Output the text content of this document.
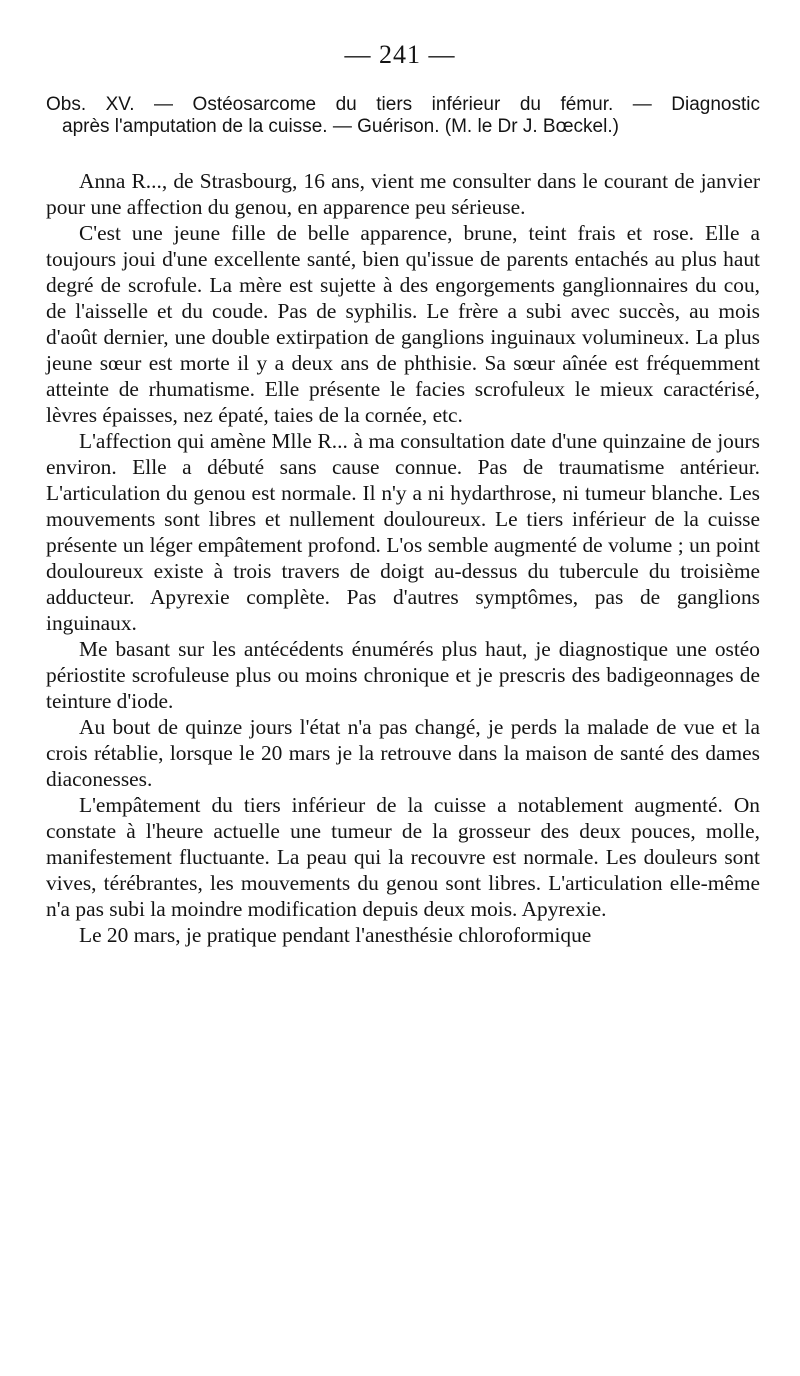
— 241 —
Obs. XV. — Ostéosarcome du tiers inférieur du fémur. — Diagnostic
après l'amputation de la cuisse. — Guérison. (M. le Dr J. Bœckel.)

Anna R..., de Strasbourg, 16 ans, vient me consulter dans le courant de janvier pour une affection du genou, en apparence peu sérieuse.

C'est une jeune fille de belle apparence, brune, teint frais et rose. Elle a toujours joui d'une excellente santé, bien qu'issue de parents entachés au plus haut degré de scrofule. La mère est sujette à des engorgements ganglionnaires du cou, de l'aisselle et du coude. Pas de syphilis. Le frère a subi avec succès, au mois d'août dernier, une double extirpation de ganglions inguinaux volumineux. La plus jeune sœur est morte il y a deux ans de phthisie. Sa sœur aînée est fréquemment atteinte de rhumatisme. Elle présente le facies scrofuleux le mieux caractérisé, lèvres épaisses, nez épaté, taies de la cornée, etc.

L'affection qui amène Mlle R... à ma consultation date d'une quinzaine de jours environ. Elle a débuté sans cause connue. Pas de traumatisme antérieur. L'articulation du genou est normale. Il n'y a ni hydarthrose, ni tumeur blanche. Les mouvements sont libres et nullement douloureux. Le tiers inférieur de la cuisse présente un léger empâtement profond. L'os semble augmenté de volume ; un point douloureux existe à trois travers de doigt au-dessus du tubercule du troisième adducteur. Apyrexie complète. Pas d'autres symptômes, pas de ganglions inguinaux.

Me basant sur les antécédents énumérés plus haut, je diagnostique une ostéo périostite scrofuleuse plus ou moins chronique et je prescris des badigeonnages de teinture d'iode.

Au bout de quinze jours l'état n'a pas changé, je perds la malade de vue et la crois rétablie, lorsque le 20 mars je la retrouve dans la maison de santé des dames diaconesses.

L'empâtement du tiers inférieur de la cuisse a notablement augmenté. On constate à l'heure actuelle une tumeur de la grosseur des deux pouces, molle, manifestement fluctuante. La peau qui la recouvre est normale. Les douleurs sont vives, térébrantes, les mouvements du genou sont libres. L'articulation elle-même n'a pas subi la moindre modification depuis deux mois. Apyrexie.

Le 20 mars, je pratique pendant l'anesthésie chloroformique
